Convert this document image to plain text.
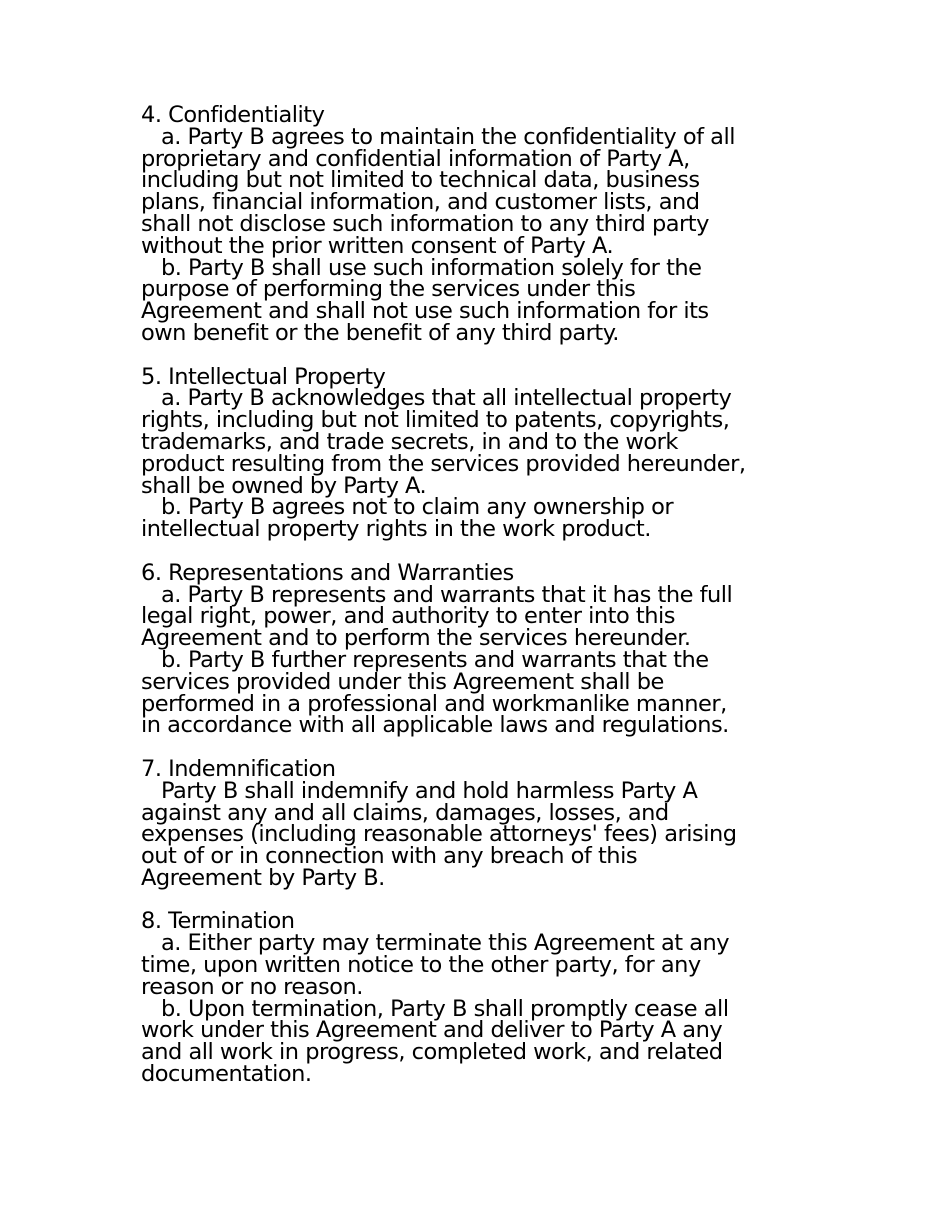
4. Confidentiality
a. Party B agrees to maintain the confidentiality of all
proprietary and confidential information of Party A,
including but not limited to technical data, business
plans, financial information, and customer lists, and
shall not disclose such information to any third party
without the prior written consent of Party A.
b. Party B shall use such information solely for the
purpose of performing the services under this
Agreement and shall not use such information for its
own benefit or the benefit of any third party.
5. Intellectual Property
a. Party B acknowledges that all intellectual property
rights, including but not limited to patents, copyrights,
trademarks, and trade secrets, in and to the work
product resulting from the services provided hereunder,
shall be owned by Party A.
b. Party B agrees not to claim any ownership or
intellectual property rights in the work product.
6. Representations and Warranties
a. Party B represents and warrants that it has the full
legal right, power, and authority to enter into this
Agreement and to perform the services hereunder.
b. Party B further represents and warrants that the
services provided under this Agreement shall be
performed in a professional and workmanlike manner,
in accordance with all applicable laws and regulations.
7. Indemnification
Party B shall indemnify and hold harmless Party A
against any and all claims, damages, losses, and
expenses (including reasonable attorneys' fees) arising
out of or in connection with any breach of this
Agreement by Party B.
8. Termination
a. Either party may terminate this Agreement at any
time, upon written notice to the other party, for any
reason or no reason.
b. Upon termination, Party B shall promptly cease all
work under this Agreement and deliver to Party A any
and all work in progress, completed work, and related
documentation.
